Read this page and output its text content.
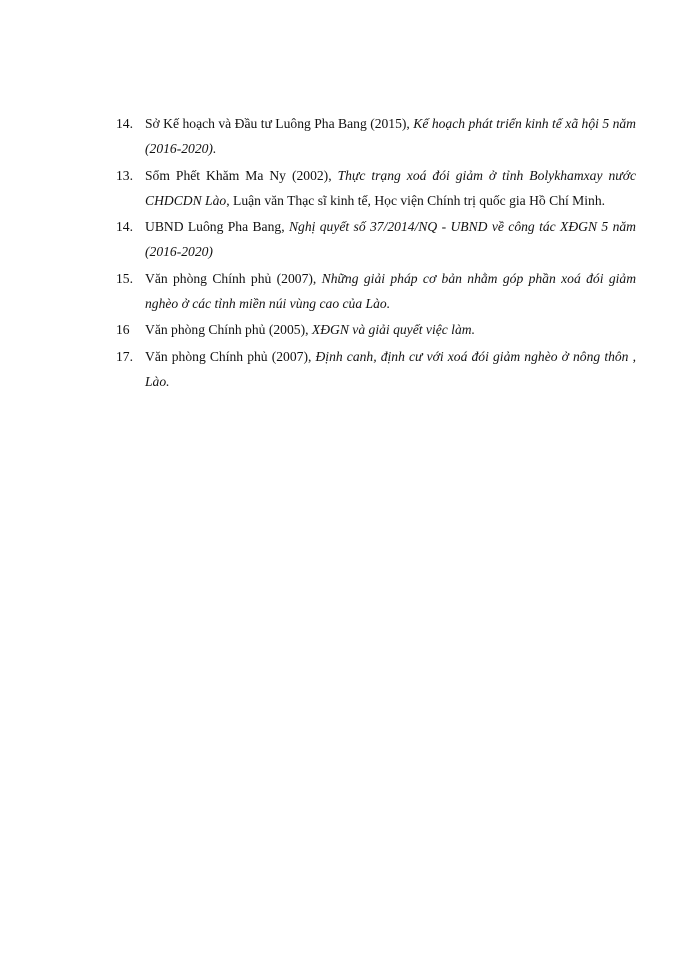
14. Sở Kế hoạch và Đầu tư Luông Pha Bang (2015), Kế hoạch phát triển kinh tế xã hội 5 năm (2016-2020).
13. Sổm Phết Khăm Ma Ny (2002), Thực trạng xoá đói giảm ở tỉnh Bolykhamxay nước CHDCDN Lào, Luận văn Thạc sĩ kinh tế, Học viện Chính trị quốc gia Hồ Chí Minh.
14. UBND Luông Pha Bang, Nghị quyết số 37/2014/NQ - UBND về công tác XĐGN 5 năm (2016-2020)
15. Văn phòng Chính phủ (2007), Những giải pháp cơ bản nhằm góp phần xoá đói giảm nghèo ở các tỉnh miền núi vùng cao của Lào.
16 Văn phòng Chính phủ (2005), XĐGN và giải quyết việc làm.
17. Văn phòng Chính phủ (2007), Định canh, định cư với xoá đói giảm nghèo ở nông thôn , Lào.
